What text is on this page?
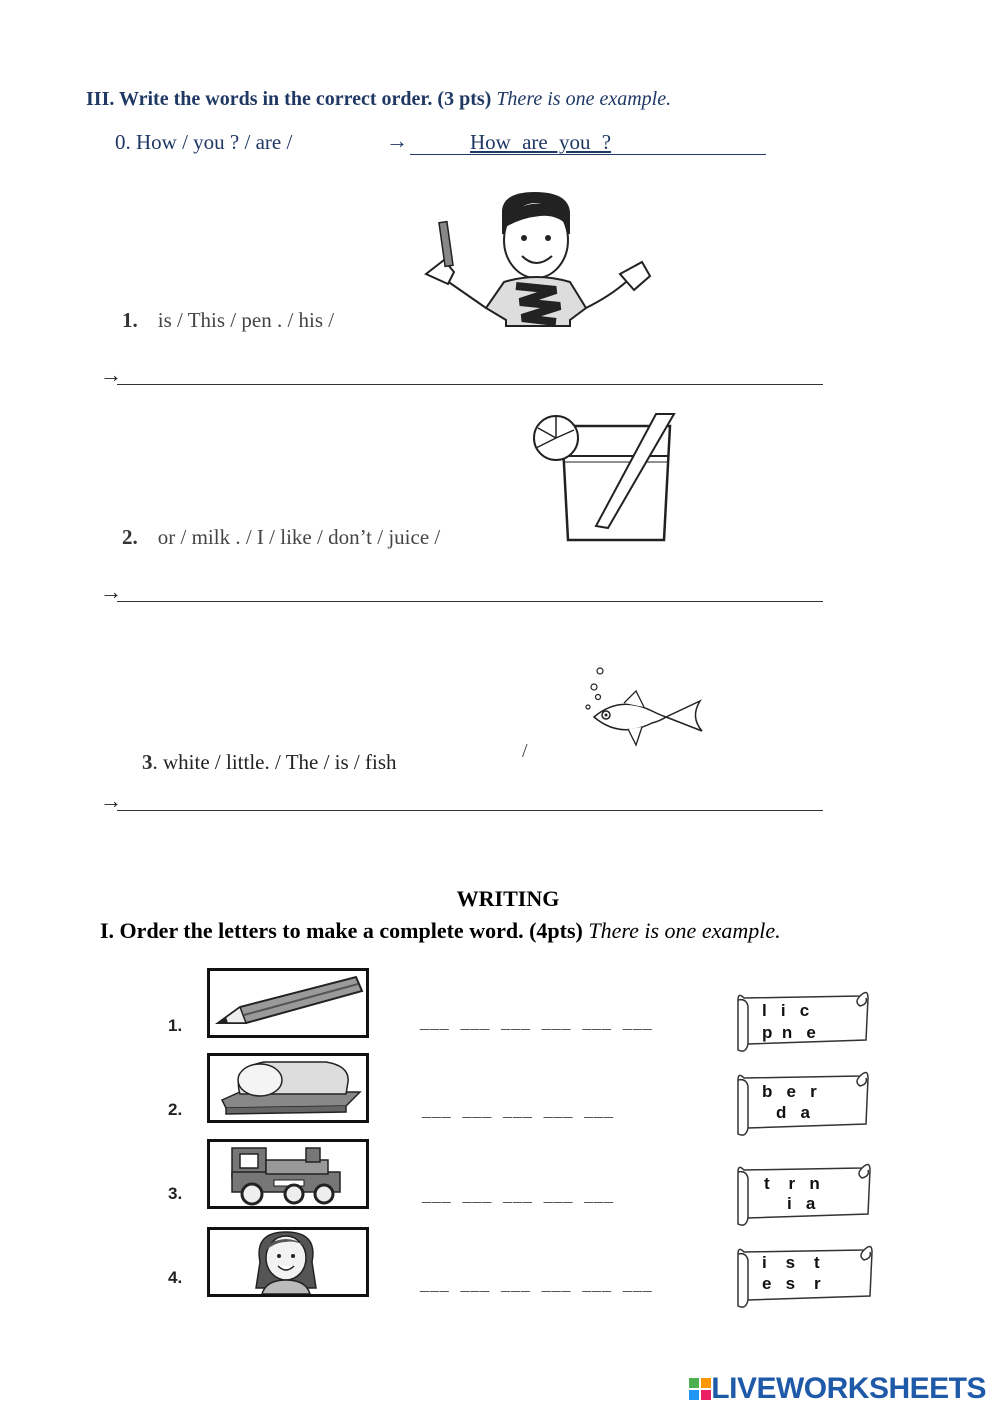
III. Write the words in the correct order. (3 pts) There is one example.
0. How / you ? / are /	→	How are you ?
1. is / This / pen . / his /
→
2. or / milk . / I / like / don’t / juice /
→
3. white / little. / The / is / fish	/
→
WRITING
I. Order the letters to make a complete word. (4pts) There is one example.
1.	___  ___  ___  ___  ___  ___
l   i   c
p  n   e
2.	___  ___  ___  ___  ___
b   e   r
d   a
3.	___  ___  ___  ___  ___
t    r   n
i   a
4.	___  ___  ___  ___  ___  ___
i    s    t
e   s    r
LIVEWORKSHEETS
